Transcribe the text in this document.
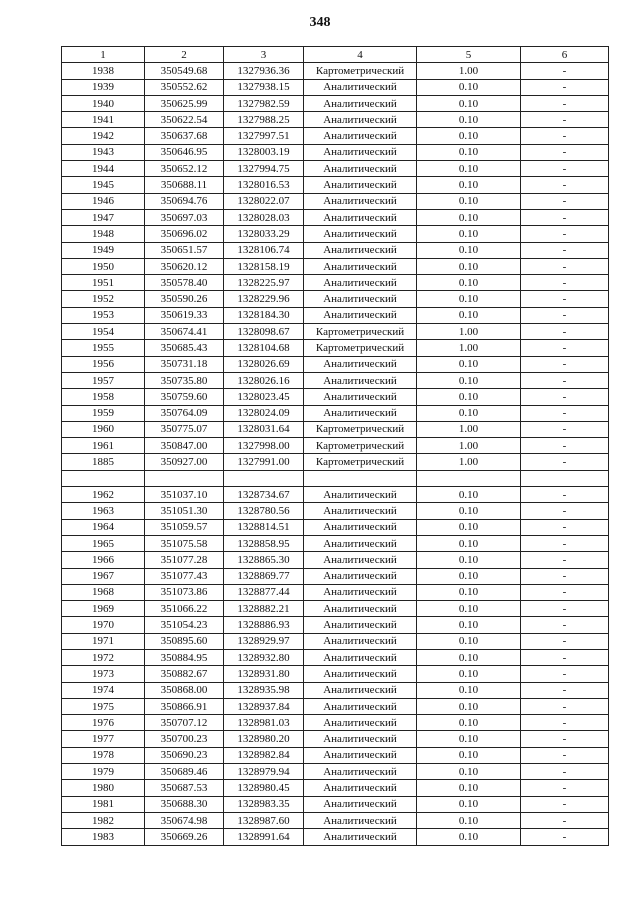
348
1	2	3	4	5	6
1938	350549.68	1327936.36	Картометрический	1.00	-
1939	350552.62	1327938.15	Аналитический	0.10	-
1940	350625.99	1327982.59	Аналитический	0.10	-
1941	350622.54	1327988.25	Аналитический	0.10	-
1942	350637.68	1327997.51	Аналитический	0.10	-
1943	350646.95	1328003.19	Аналитический	0.10	-
1944	350652.12	1327994.75	Аналитический	0.10	-
1945	350688.11	1328016.53	Аналитический	0.10	-
1946	350694.76	1328022.07	Аналитический	0.10	-
1947	350697.03	1328028.03	Аналитический	0.10	-
1948	350696.02	1328033.29	Аналитический	0.10	-
1949	350651.57	1328106.74	Аналитический	0.10	-
1950	350620.12	1328158.19	Аналитический	0.10	-
1951	350578.40	1328225.97	Аналитический	0.10	-
1952	350590.26	1328229.96	Аналитический	0.10	-
1953	350619.33	1328184.30	Аналитический	0.10	-
1954	350674.41	1328098.67	Картометрический	1.00	-
1955	350685.43	1328104.68	Картометрический	1.00	-
1956	350731.18	1328026.69	Аналитический	0.10	-
1957	350735.80	1328026.16	Аналитический	0.10	-
1958	350759.60	1328023.45	Аналитический	0.10	-
1959	350764.09	1328024.09	Аналитический	0.10	-
1960	350775.07	1328031.64	Картометрический	1.00	-
1961	350847.00	1327998.00	Картометрический	1.00	-
1885	350927.00	1327991.00	Картометрический	1.00	-

1962	351037.10	1328734.67	Аналитический	0.10	-
1963	351051.30	1328780.56	Аналитический	0.10	-
1964	351059.57	1328814.51	Аналитический	0.10	-
1965	351075.58	1328858.95	Аналитический	0.10	-
1966	351077.28	1328865.30	Аналитический	0.10	-
1967	351077.43	1328869.77	Аналитический	0.10	-
1968	351073.86	1328877.44	Аналитический	0.10	-
1969	351066.22	1328882.21	Аналитический	0.10	-
1970	351054.23	1328886.93	Аналитический	0.10	-
1971	350895.60	1328929.97	Аналитический	0.10	-
1972	350884.95	1328932.80	Аналитический	0.10	-
1973	350882.67	1328931.80	Аналитический	0.10	-
1974	350868.00	1328935.98	Аналитический	0.10	-
1975	350866.91	1328937.84	Аналитический	0.10	-
1976	350707.12	1328981.03	Аналитический	0.10	-
1977	350700.23	1328980.20	Аналитический	0.10	-
1978	350690.23	1328982.84	Аналитический	0.10	-
1979	350689.46	1328979.94	Аналитический	0.10	-
1980	350687.53	1328980.45	Аналитический	0.10	-
1981	350688.30	1328983.35	Аналитический	0.10	-
1982	350674.98	1328987.60	Аналитический	0.10	-
1983	350669.26	1328991.64	Аналитический	0.10	-
